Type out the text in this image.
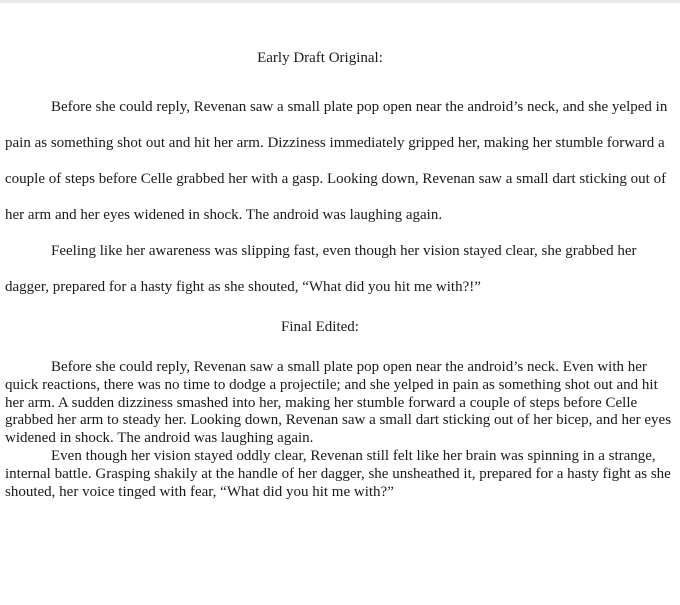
Early Draft Original:

Before she could reply, Revenan saw a small plate pop open near the android’s neck, and she yelped in pain as something shot out and hit her arm. Dizziness immediately gripped her, making her stumble forward a couple of steps before Celle grabbed her with a gasp. Looking down, Revenan saw a small dart sticking out of her arm and her eyes widened in shock. The android was laughing again.

Feeling like her awareness was slipping fast, even though her vision stayed clear, she grabbed her dagger, prepared for a hasty fight as she shouted, “What did you hit me with?!”

Final Edited:

Before she could reply, Revenan saw a small plate pop open near the android’s neck. Even with her quick reactions, there was no time to dodge a projectile; and she yelped in pain as something shot out and hit her arm. A sudden dizziness smashed into her, making her stumble forward a couple of steps before Celle grabbed her arm to steady her. Looking down, Revenan saw a small dart sticking out of her bicep, and her eyes widened in shock. The android was laughing again.

Even though her vision stayed oddly clear, Revenan still felt like her brain was spinning in a strange, internal battle. Grasping shakily at the handle of her dagger, she unsheathed it, prepared for a hasty fight as she shouted, her voice tinged with fear, “What did you hit me with?”
